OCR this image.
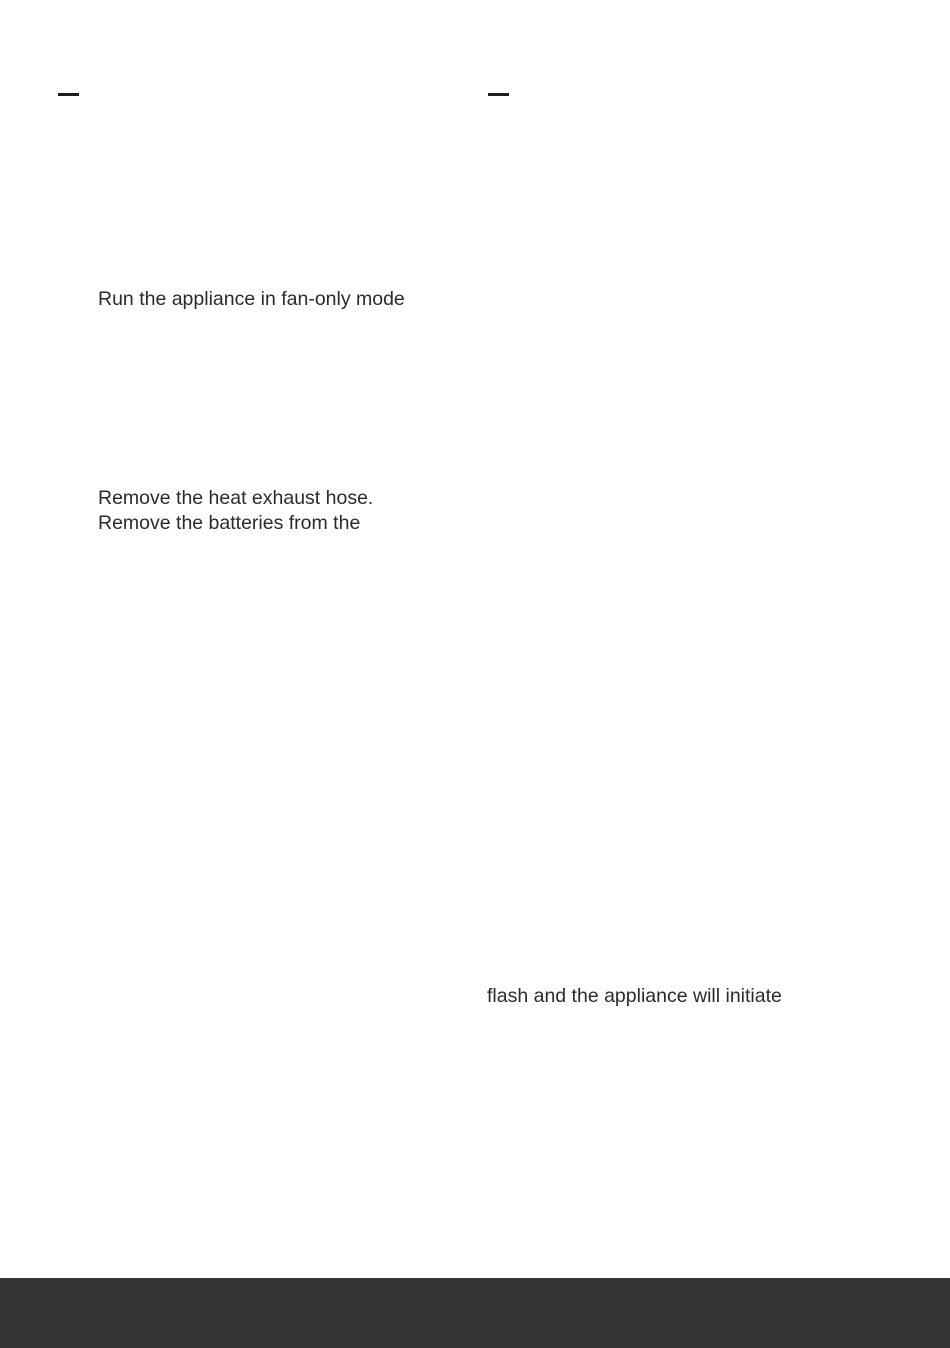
Run the appliance in fan-only mode
Remove the heat exhaust hose.
Remove the batteries from the
flash and the appliance will initiate
